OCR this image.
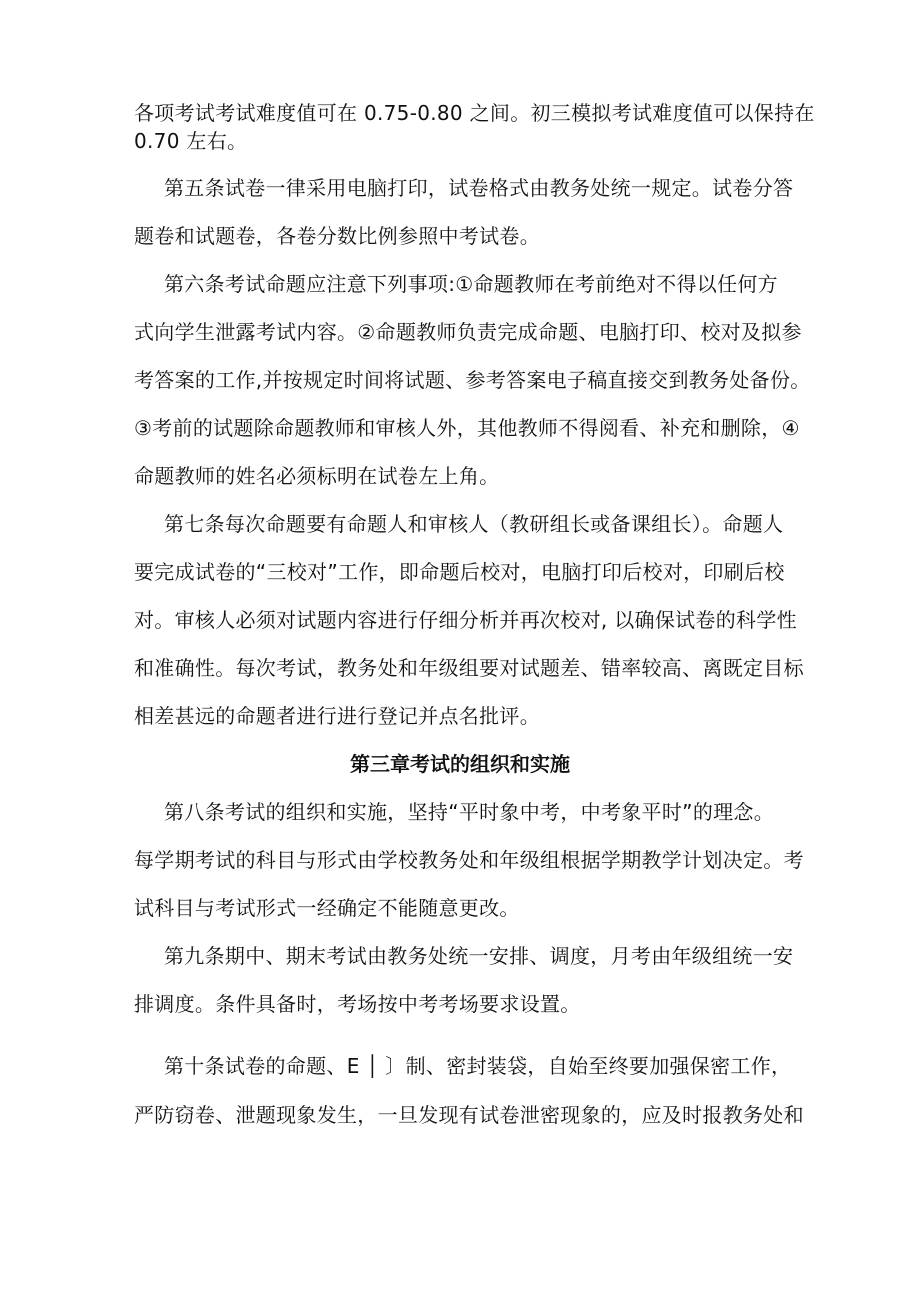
各项考试考试难度值可在 0.75-0.80 之间。初三模拟考试难度值可以保持在
0.70 左右。
第五条试卷一律采用电脑打印，试卷格式由教务处统一规定。试卷分答
题卷和试题卷，各卷分数比例参照中考试卷。
第六条考试命题应注意下列事项:①命题教师在考前绝对不得以任何方
式向学生泄露考试内容。②命题教师负责完成命题、电脑打印、校对及拟参
考答案的工作,并按规定时间将试题、参考答案电子稿直接交到教务处备份。
③考前的试题除命题教师和审核人外，其他教师不得阅看、补充和删除，④
命题教师的姓名必须标明在试卷左上角。
第七条每次命题要有命题人和审核人（教研组长或备课组长）。命题人
要完成试卷的“三校对”工作，即命题后校对，电脑打印后校对，印刷后校
对。审核人必须对试题内容进行仔细分析并再次校对, 以确保试卷的科学性
和准确性。每次考试，教务处和年级组要对试题差、错率较高、离既定目标
相差甚远的命题者进行进行登记并点名批评。
第三章考试的组织和实施
第八条考试的组织和实施，坚持“平时象中考，中考象平时”的理念。
每学期考试的科目与形式由学校教务处和年级组根据学期教学计划决定。考
试科目与考试形式一经确定不能随意更改。
第九条期中、期末考试由教务处统一安排、调度，月考由年级组统一安
排调度。条件具备时，考场按中考考场要求设置。
第十条试卷的命题、E │ 〕制、密封装袋，自始至终要加强保密工作，
严防窃卷、泄题现象发生，一旦发现有试卷泄密现象的，应及时报教务处和
